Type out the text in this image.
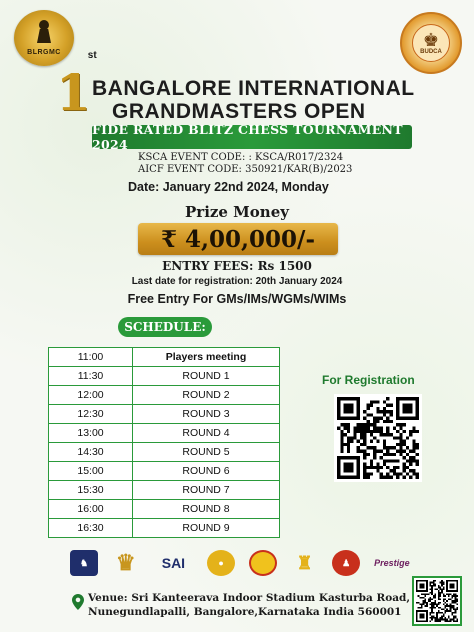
BLRGMC
♚
BUDCA
1st
BANGALORE INTERNATIONAL
GRANDMASTERS OPEN
FIDE RATED BLITZ CHESS TOURNAMENT 2024
KSCA EVENT CODE: : KSCA/R017/2324
AICF EVENT CODE: 350921/KAR(B)/2023
Date: January 22nd 2024, Monday
Prize Money
₹ 4,00,000/-
ENTRY FEES: Rs 1500
Last date for registration: 20th January 2024
Free Entry For GMs/IMs/WGMs/WIMs
SCHEDULE:
11:00	Players meeting
11:30	ROUND 1
12:00	ROUND 2
12:30	ROUND 3
13:00	ROUND 4
14:30	ROUND 5
15:00	ROUND 6
15:30	ROUND 7
16:00	ROUND 8
16:30	ROUND 9
For Registration
♞	♛	SAI	●	♜	♟	Prestige
Venue: Sri Kanteerava Indoor Stadium Kasturba Road,
Nunegundlapalli, Bangalore,Karnataka India 560001
